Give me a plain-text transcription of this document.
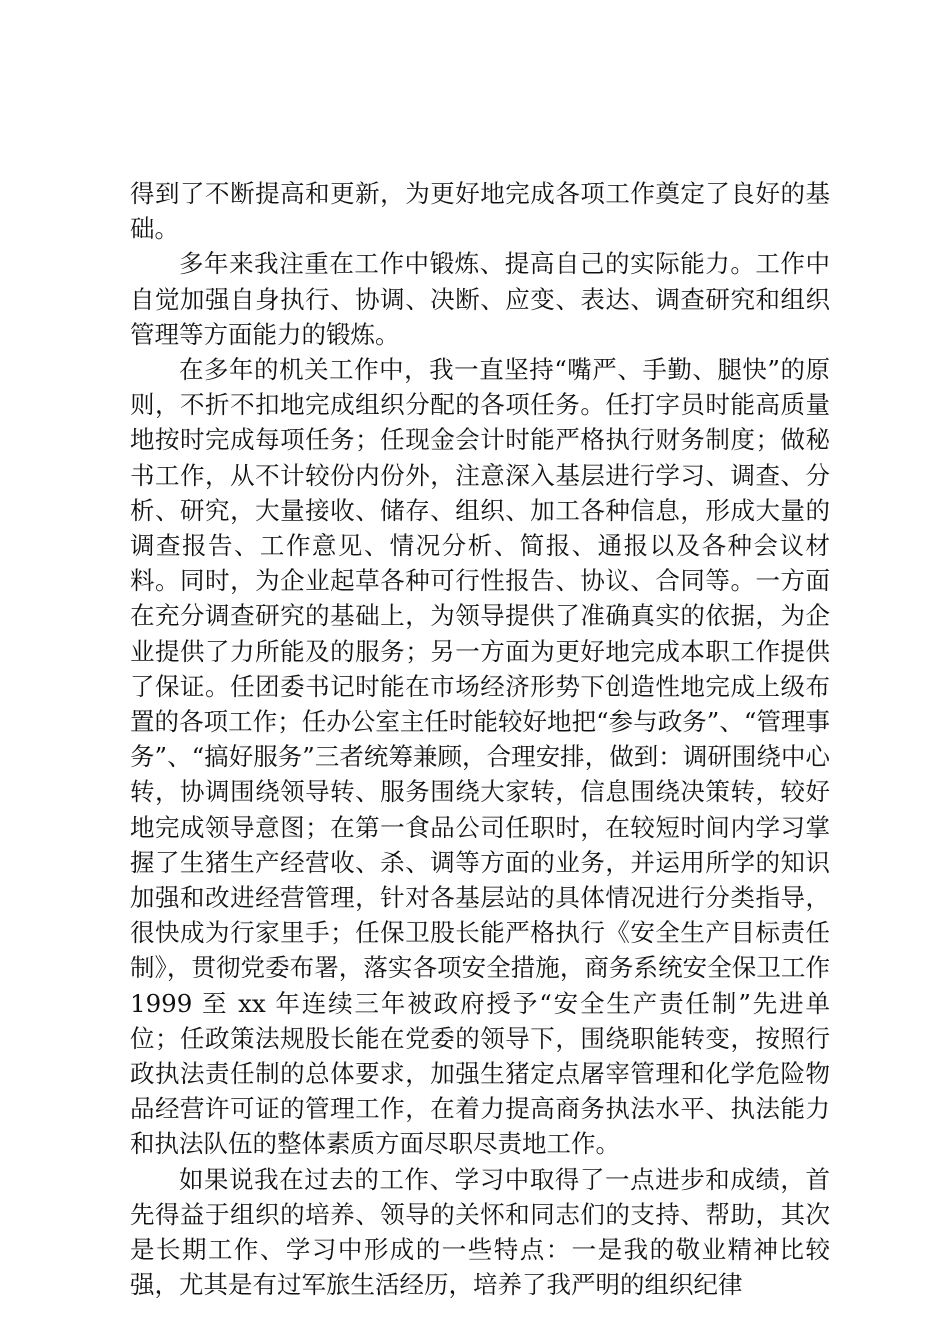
得到了不断提高和更新，为更好地完成各项工作奠定了良好的基础。

多年来我注重在工作中锻炼、提高自己的实际能力。工作中自觉加强自身执行、协调、决断、应变、表达、调查研究和组织管理等方面能力的锻炼。

在多年的机关工作中，我一直坚持“嘴严、手勤、腿快”的原则，不折不扣地完成组织分配的各项任务。任打字员时能高质量地按时完成每项任务；任现金会计时能严格执行财务制度；做秘书工作，从不计较份内份外，注意深入基层进行学习、调查、分析、研究，大量接收、储存、组织、加工各种信息，形成大量的调查报告、工作意见、情况分析、简报、通报以及各种会议材料。同时，为企业起草各种可行性报告、协议、合同等。一方面在充分调查研究的基础上，为领导提供了准确真实的依据，为企业提供了力所能及的服务；另一方面为更好地完成本职工作提供了保证。任团委书记时能在市场经济形势下创造性地完成上级布置的各项工作；任办公室主任时能较好地把“参与政务”、“管理事务”、“搞好服务”三者统筹兼顾，合理安排，做到：调研围绕中心转，协调围绕领导转、服务围绕大家转，信息围绕决策转，较好地完成领导意图；在第一食品公司任职时，在较短时间内学习掌握了生猪生产经营收、杀、调等方面的业务，并运用所学的知识加强和改进经营管理，针对各基层站的具体情况进行分类指导，很快成为行家里手；任保卫股长能严格执行《安全生产目标责任制》，贯彻党委布署，落实各项安全措施，商务系统安全保卫工作 1999 至 xx 年连续三年被政府授予“安全生产责任制”先进单位；任政策法规股长能在党委的领导下，围绕职能转变，按照行政执法责任制的总体要求，加强生猪定点屠宰管理和化学危险物品经营许可证的管理工作，在着力提高商务执法水平、执法能力和执法队伍的整体素质方面尽职尽责地工作。

如果说我在过去的工作、学习中取得了一点进步和成绩，首先得益于组织的培养、领导的关怀和同志们的支持、帮助，其次是长期工作、学习中形成的一些特点：一是我的敬业精神比较强，尤其是有过军旅生活经历，培养了我严明的组织纪律
